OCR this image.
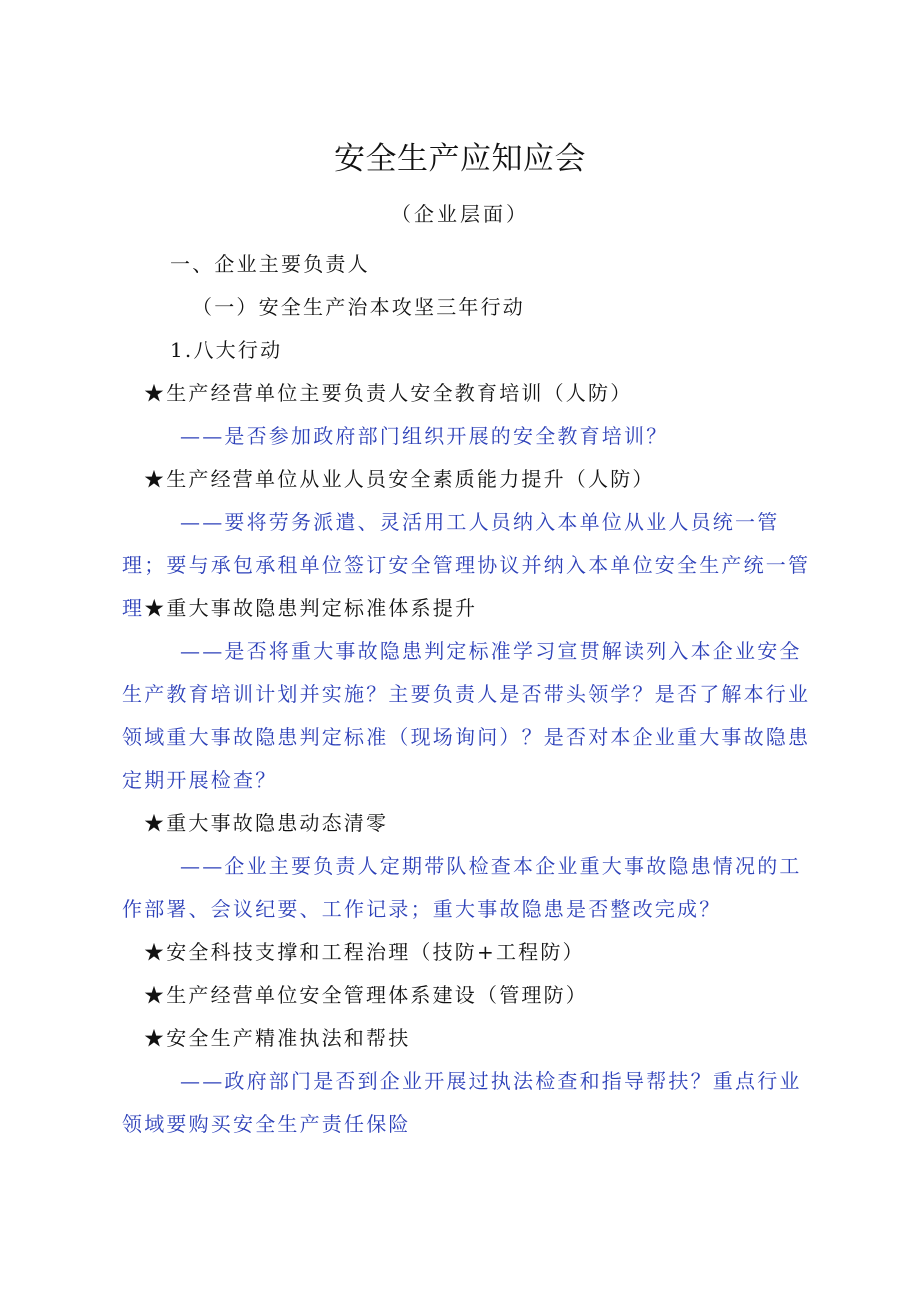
安全生产应知应会
（企业层面）

一、企业主要负责人

（一）安全生产治本攻坚三年行动

1.八大行动

★生产经营单位主要负责人安全教育培训（人防）

——是否参加政府部门组织开展的安全教育培训？

★生产经营单位从业人员安全素质能力提升（人防）

——要将劳务派遣、灵活用工人员纳入本单位从业人员统一管理；要与承包承租单位签订安全管理协议并纳入本单位安全生产统一管理★重大事故隐患判定标准体系提升

——是否将重大事故隐患判定标准学习宣贯解读列入本企业安全生产教育培训计划并实施？主要负责人是否带头领学？是否了解本行业领域重大事故隐患判定标准（现场询问）？是否对本企业重大事故隐患定期开展检查？

★重大事故隐患动态清零

——企业主要负责人定期带队检查本企业重大事故隐患情况的工作部署、会议纪要、工作记录；重大事故隐患是否整改完成？

★安全科技支撑和工程治理（技防+工程防）

★生产经营单位安全管理体系建设（管理防）

★安全生产精准执法和帮扶

——政府部门是否到企业开展过执法检查和指导帮扶？重点行业领域要购买安全生产责任保险
